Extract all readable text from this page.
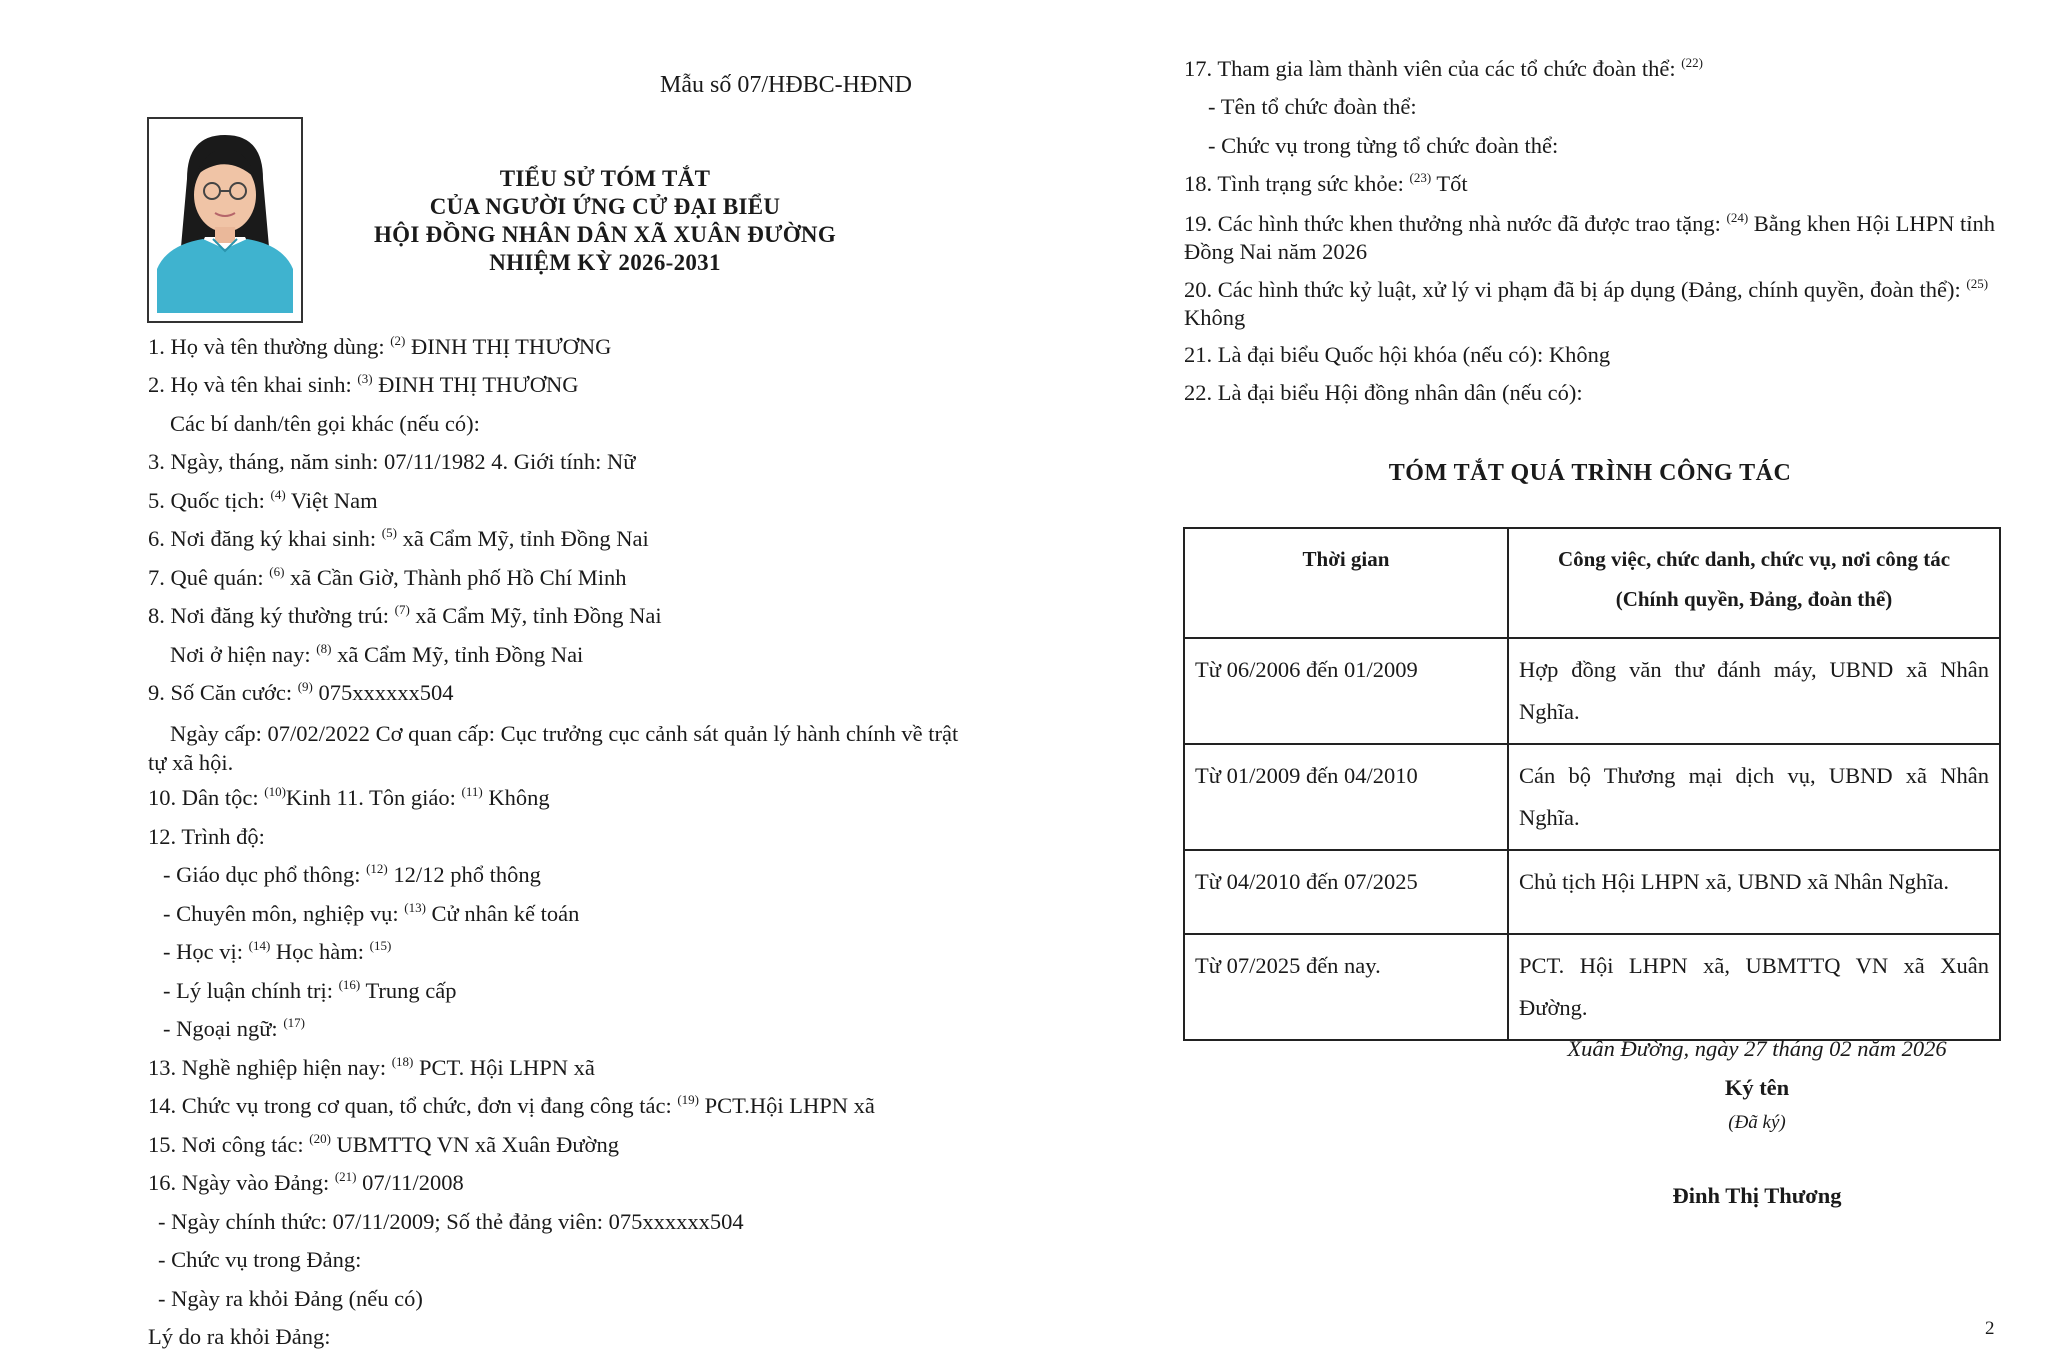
Mẫu số 07/HĐBC-HĐND
TIỂU SỬ TÓM TẮT
CỦA NGƯỜI ỨNG CỬ ĐẠI BIỂU
HỘI ĐỒNG NHÂN DÂN XÃ XUÂN ĐƯỜNG
NHIỆM KỲ 2026-2031
1. Họ và tên thường dùng: $^{(2)}$ ĐINH THỊ THƯƠNG
2. Họ và tên khai sinh: $^{(3)}$ ĐINH THỊ THƯƠNG
Các bí danh/tên gọi khác (nếu có):
3. Ngày, tháng, năm sinh: 07/11/1982 4. Giới tính: Nữ
5. Quốc tịch: $^{(4)}$ Việt Nam
6. Nơi đăng ký khai sinh: $^{(5)}$ xã Cẩm Mỹ, tỉnh Đồng Nai
7. Quê quán: $^{(6)}$ xã Cần Giờ, Thành phố Hồ Chí Minh
8. Nơi đăng ký thường trú: $^{(7)}$ xã Cẩm Mỹ, tỉnh Đồng Nai
Nơi ở hiện nay: $^{(8)}$ xã Cẩm Mỹ, tỉnh Đồng Nai
9. Số Căn cước: $^{(9)}$ 075xxxxxx504
Ngày cấp: 07/02/2022 Cơ quan cấp: Cục trưởng cục cảnh sát quản lý hành chính về trật tự xã hội.
10. Dân tộc: $^{(10)}$Kinh 11. Tôn giáo: $^{(11)}$ Không
12. Trình độ:
- Giáo dục phổ thông: $^{(12)}$ 12/12 phổ thông
- Chuyên môn, nghiệp vụ: $^{(13)}$ Cử nhân kế toán
- Học vị: $^{(14)}$ Học hàm: $^{(15)}$
- Lý luận chính trị: $^{(16)}$ Trung cấp
- Ngoại ngữ: $^{(17)}$
13. Nghề nghiệp hiện nay: $^{(18)}$ PCT. Hội LHPN xã
14. Chức vụ trong cơ quan, tổ chức, đơn vị đang công tác: $^{(19)}$ PCT.Hội LHPN xã
15. Nơi công tác: $^{(20)}$ UBMTTQ VN xã Xuân Đường
16. Ngày vào Đảng: $^{(21)}$ 07/11/2008
- Ngày chính thức: 07/11/2009; Số thẻ đảng viên: 075xxxxxx504
- Chức vụ trong Đảng:
- Ngày ra khỏi Đảng (nếu có)
Lý do ra khỏi Đảng:
17. Tham gia làm thành viên của các tổ chức đoàn thể: $^{(22)}$
- Tên tổ chức đoàn thể:
- Chức vụ trong từng tổ chức đoàn thể:
18. Tình trạng sức khỏe: $^{(23)}$ Tốt
19. Các hình thức khen thưởng nhà nước đã được trao tặng: $^{(24)}$ Bằng khen Hội LHPN tỉnh Đồng Nai năm 2026
20. Các hình thức kỷ luật, xử lý vi phạm đã bị áp dụng (Đảng, chính quyền, đoàn thể): $^{(25)}$ Không
21. Là đại biểu Quốc hội khóa (nếu có): Không
22. Là đại biểu Hội đồng nhân dân (nếu có):
TÓM TẮT QUÁ TRÌNH CÔNG TÁC
Thời gian	Công việc, chức danh, chức vụ, nơi công tác
(Chính quyền, Đảng, đoàn thể)

Từ 06/2006 đến 01/2009	Hợp đồng văn thư đánh máy, UBND xã Nhân Nghĩa.
Từ 01/2009 đến 04/2010	Cán bộ Thương mại dịch vụ, UBND xã Nhân Nghĩa.
Từ 04/2010 đến 07/2025	Chủ tịch Hội LHPN xã, UBND xã Nhân Nghĩa.
Từ 07/2025 đến nay.	PCT. Hội LHPN xã, UBMTTQ VN xã Xuân Đường.
Xuân Đường, ngày 27 tháng 02 năm 2026
Ký tên
(Đã ký)
Đinh Thị Thương
2
